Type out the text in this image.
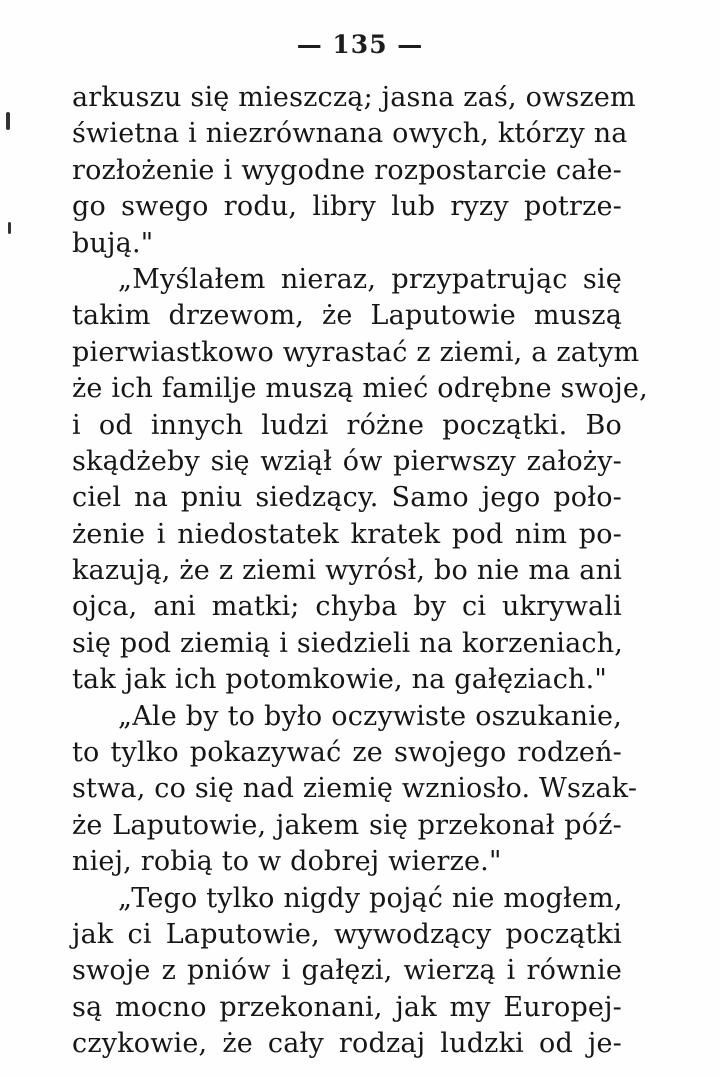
— 135 —
arkuszu się mieszczą; jasna zaś, owszem
świetna i niezrównana owych, którzy na
rozłożenie i wygodne rozpostarcie całe-
go swego rodu, libry lub ryzy potrze-
bują."
„Myślałem nieraz, przypatrując się
takim drzewom, że Laputowie muszą
pierwiastkowo wyrastać z ziemi, a zatym
że ich familje muszą mieć odrębne swoje,
i od innych ludzi różne początki. Bo
skądżeby się wziął ów pierwszy założy-
ciel na pniu siedzący. Samo jego poło-
żenie i niedostatek kratek pod nim po-
kazują, że z ziemi wyrósł, bo nie ma ani
ojca, ani matki; chyba by ci ukrywali
się pod ziemią i siedzieli na korzeniach,
tak jak ich potomkowie, na gałęziach."
„Ale by to było oczywiste oszukanie,
to tylko pokazywać ze swojego rodzeń-
stwa, co się nad ziemię wzniosło. Wszak-
że Laputowie, jakem się przekonał póź-
niej, robią to w dobrej wierze."
„Tego tylko nigdy pojąć nie mogłem,
jak ci Laputowie, wywodzący początki
swoje z pniów i gałęzi, wierzą i równie
są mocno przekonani, jak my Europej-
czykowie, że cały rodzaj ludzki od je-
